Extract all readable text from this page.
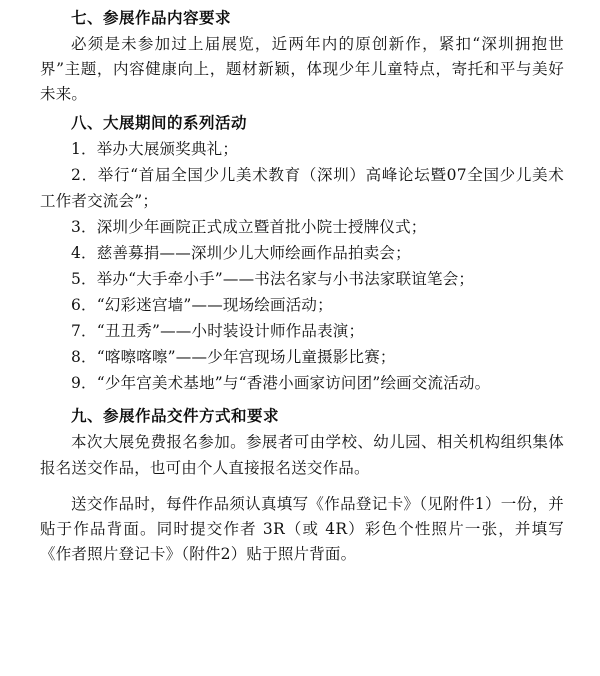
七、参展作品内容要求

必须是未参加过上届展览，近两年内的原创新作，紧扣“深圳拥抱世界”主题，内容健康向上，题材新颖，体现少年儿童特点，寄托和平与美好未来。

八、大展期间的系列活动

1．举办大展颁奖典礼；

2．举行“首届全国少儿美术教育（深圳）高峰论坛暨07全国少儿美术工作者交流会”；

3．深圳少年画院正式成立暨首批小院士授牌仪式；

4．慈善募捐——深圳少儿大师绘画作品拍卖会；

5．举办“大手牵小手”——书法名家与小书法家联谊笔会；

6．“幻彩迷宫墙”——现场绘画活动；

7．“丑丑秀”——小时装设计师作品表演；

8．“喀嚓喀嚓”——少年宫现场儿童摄影比赛；

9．“少年宫美术基地”与“香港小画家访问团”绘画交流活动。

九、参展作品交件方式和要求

本次大展免费报名参加。参展者可由学校、幼儿园、相关机构组织集体报名送交作品，也可由个人直接报名送交作品。

送交作品时，每件作品须认真填写《作品登记卡》（见附件1）一份，并贴于作品背面。同时提交作者 3R（或 4R）彩色个性照片一张，并填写《作者照片登记卡》（附件2）贴于照片背面。
